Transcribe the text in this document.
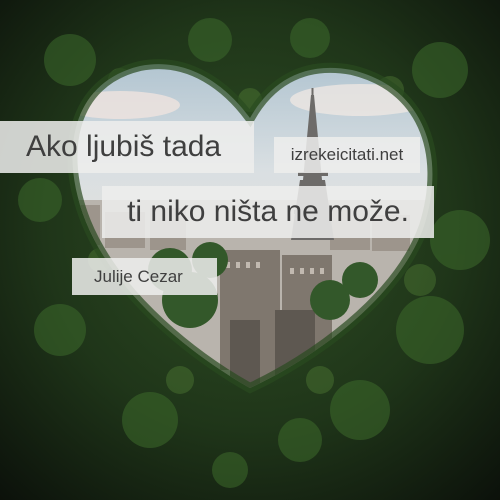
Ako ljubiš tada	izrekeicitati.net
ti niko ništa ne može.
Julije Cezar
